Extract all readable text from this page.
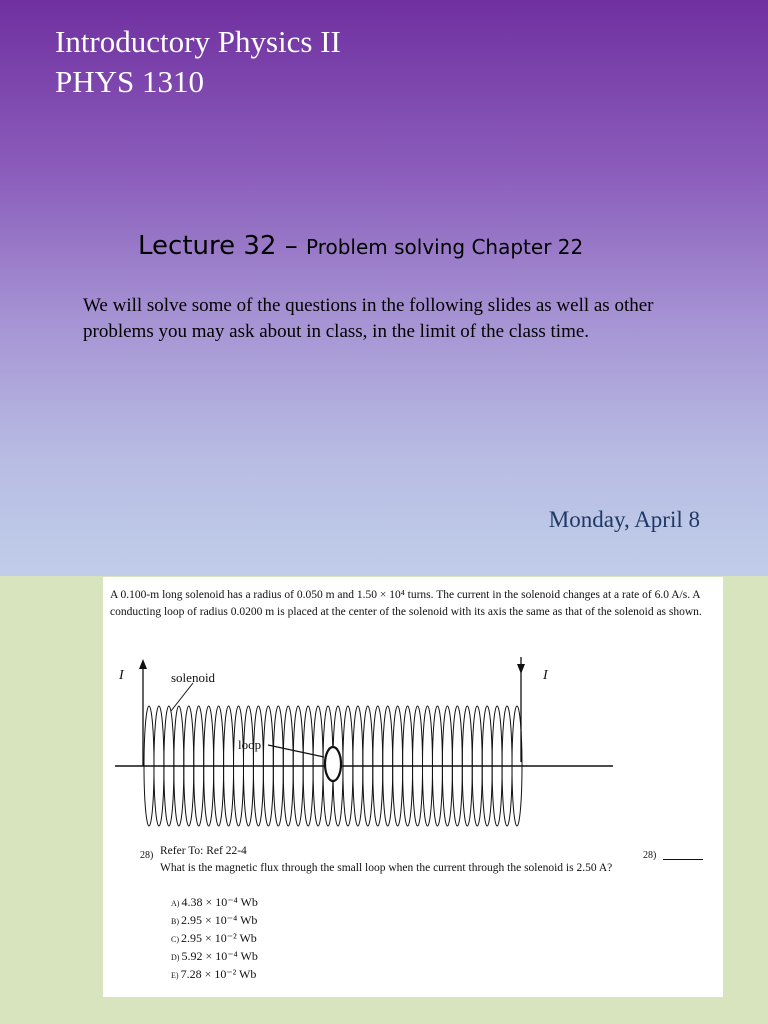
Introductory Physics II
PHYS 1310
Lecture 32 – Problem solving Chapter 22
We will solve some of the questions in the following slides as well as other problems you may ask about in class, in the limit of the class time.
Monday, April 8
A 0.100-m long solenoid has a radius of 0.050 m and 1.50 × 10⁴ turns. The current in the solenoid changes at a rate of 6.0 A/s. A conducting loop of radius 0.0200 m is placed at the center of the solenoid with its axis the same as that of the solenoid as shown.
I	I
solenoid
loop
28) Refer To: Ref 22-4
What is the magnetic flux through the small loop when the current through the solenoid is 2.50 A?
28)
A) 4.38 × 10⁻⁴ Wb
B) 2.95 × 10⁻⁴ Wb
C) 2.95 × 10⁻² Wb
D) 5.92 × 10⁻⁴ Wb
E) 7.28 × 10⁻² Wb
